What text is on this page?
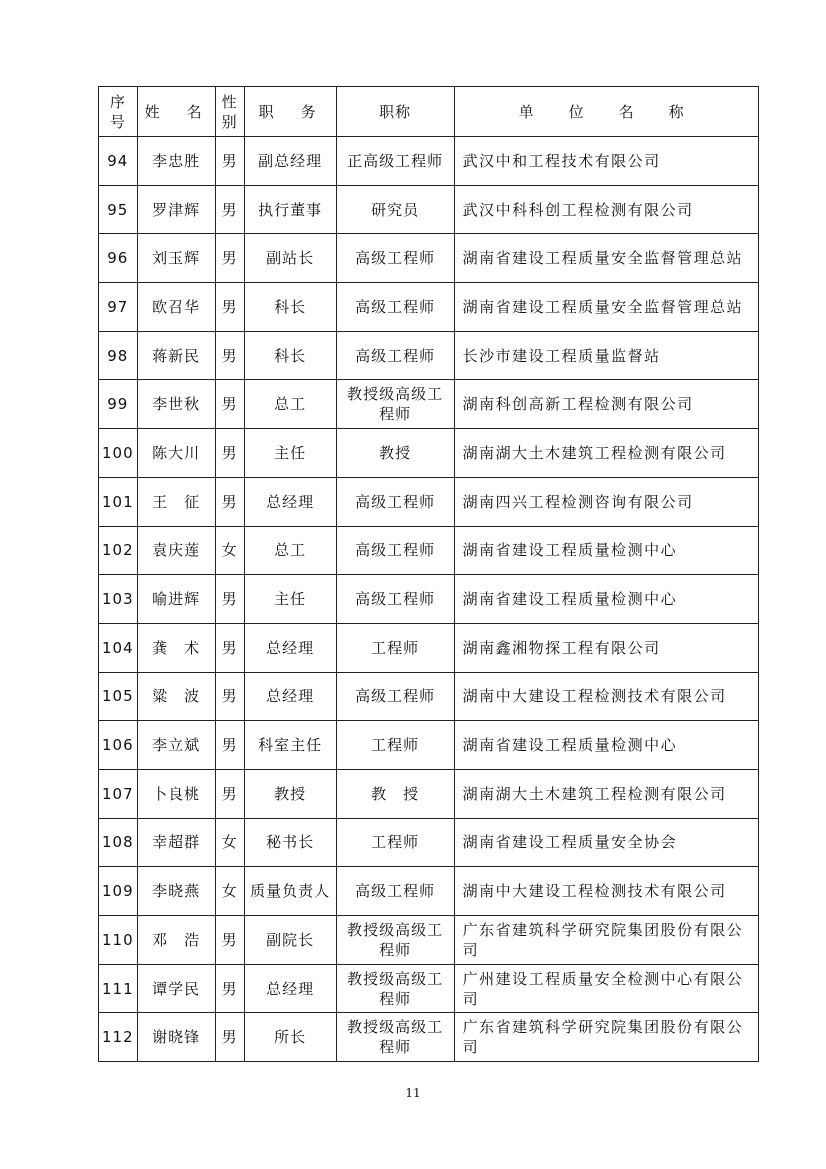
序号	姓　名	性别	职　务	职称	单　位　名　称
94	李忠胜	男	副总经理	正高级工程师	武汉中和工程技术有限公司
95	罗津辉	男	执行董事	研究员	武汉中科科创工程检测有限公司
96	刘玉辉	男	副站长	高级工程师	湖南省建设工程质量安全监督管理总站
97	欧召华	男	科长	高级工程师	湖南省建设工程质量安全监督管理总站
98	蒋新民	男	科长	高级工程师	长沙市建设工程质量监督站
99	李世秋	男	总工	教授级高级工程师	湖南科创高新工程检测有限公司
100	陈大川	男	主任	教授	湖南湖大土木建筑工程检测有限公司
101	王　征	男	总经理	高级工程师	湖南四兴工程检测咨询有限公司
102	袁庆莲	女	总工	高级工程师	湖南省建设工程质量检测中心
103	喻进辉	男	主任	高级工程师	湖南省建设工程质量检测中心
104	龚　术	男	总经理	工程师	湖南鑫湘物探工程有限公司
105	粱　波	男	总经理	高级工程师	湖南中大建设工程检测技术有限公司
106	李立斌	男	科室主任	工程师	湖南省建设工程质量检测中心
107	卜良桃	男	教授	教　授	湖南湖大土木建筑工程检测有限公司
108	幸超群	女	秘书长	工程师	湖南省建设工程质量安全协会
109	李晓燕	女	质量负责人	高级工程师	湖南中大建设工程检测技术有限公司
110	邓　浩	男	副院长	教授级高级工程师	广东省建筑科学研究院集团股份有限公司
111	谭学民	男	总经理	教授级高级工程师	广州建设工程质量安全检测中心有限公司
112	谢晓锋	男	所长	教授级高级工程师	广东省建筑科学研究院集团股份有限公司
11
